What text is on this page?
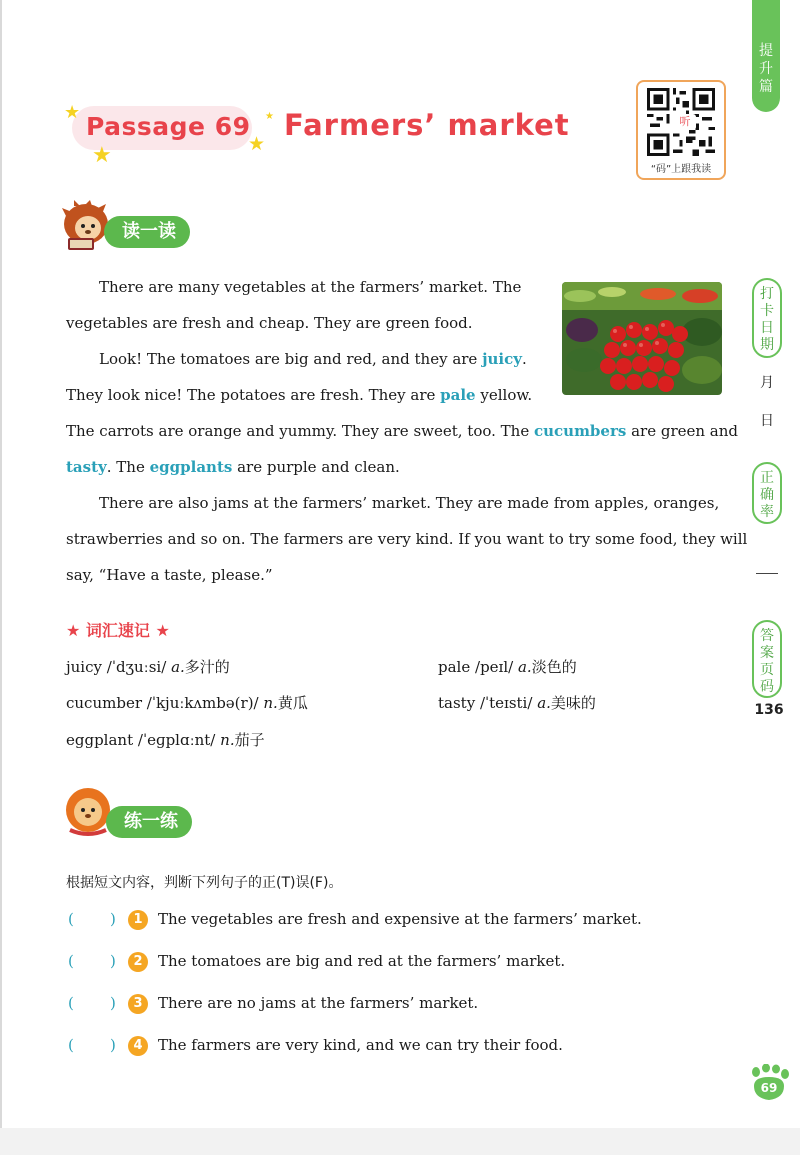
★
★	★
★
Passage 69 Farmers’ market	听
“码”上跟我读
提升篇
打卡日期
月
日
正确率
答案页码
136
读一读
There are many vegetables at the farmers’ market. The
vegetables are fresh and cheap. They are green food.
Look! The tomatoes are big and red, and they are juicy.
They look nice! The potatoes are fresh. They are pale yellow.
The carrots are orange and yummy. They are sweet, too. The cucumbers are green and
tasty. The eggplants are purple and clean.
There are also jams at the farmers’ market. They are made from apples, oranges,
strawberries and so on. The farmers are very kind. If you want to try some food, they will
say, “Have a taste, please.”
★ 词汇速记 ★
juicy /ˈdʒuːsi/ a.多汁的	pale /peɪl/ a.淡色的
cucumber /ˈkjuːkʌmbə(r)/ n.黄瓜	tasty /ˈteɪsti/ a.美味的
eggplant /ˈeɡplɑːnt/ n.茄子
练一练
根据短文内容，判断下列句子的正(T)误(F)。
( )	1	The vegetables are fresh and expensive at the farmers’ market.
( )	2	The tomatoes are big and red at the farmers’ market.
( )	3	There are no jams at the farmers’ market.
( )	4	The farmers are very kind, and we can try their food.
69
